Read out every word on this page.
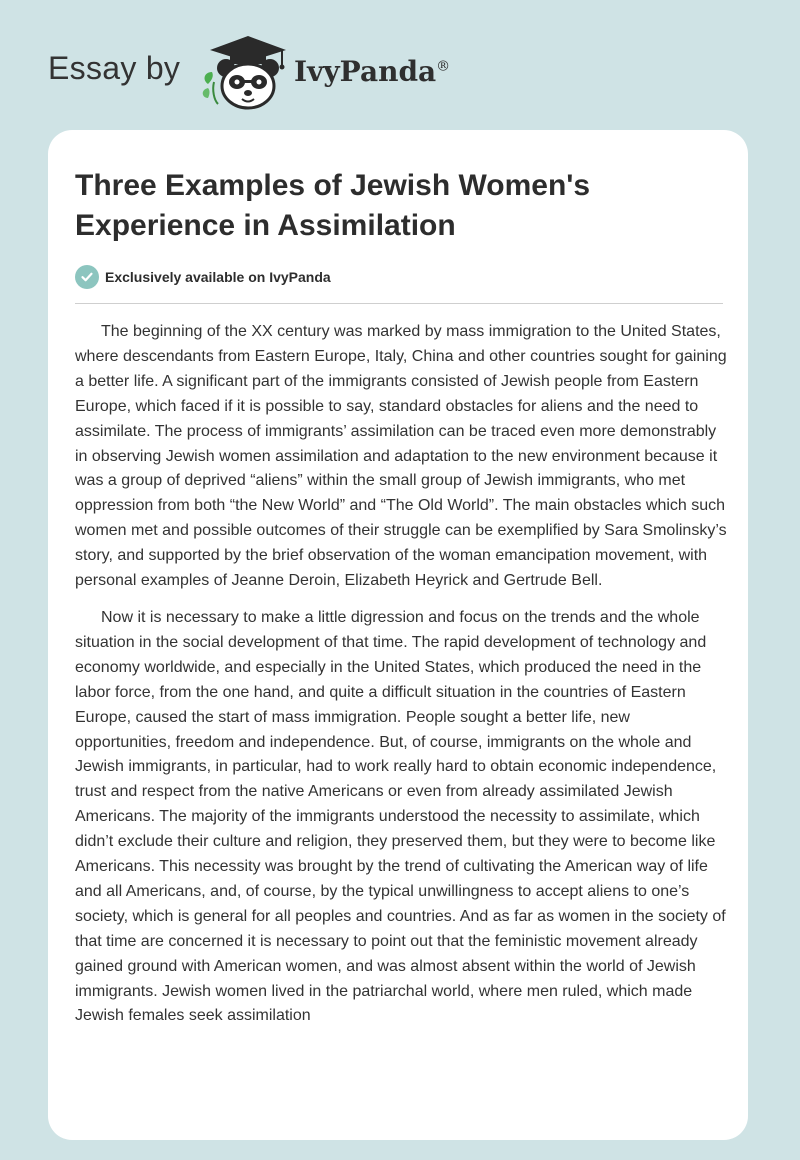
Essay by	IvyPanda®
Three Examples of Jewish Women's Experience in Assimilation
Exclusively available on IvyPanda

The beginning of the XX century was marked by mass immigration to the United States, where descendants from Eastern Europe, Italy, China and other countries sought for gaining a better life. A significant part of the immigrants consisted of Jewish people from Eastern Europe, which faced if it is possible to say, standard obstacles for aliens and the need to assimilate. The process of immigrants’ assimilation can be traced even more demonstrably in observing Jewish women assimilation and adaptation to the new environment because it was a group of deprived “aliens” within the small group of Jewish immigrants, who met oppression from both “the New World” and “The Old World”. The main obstacles which such women met and possible outcomes of their struggle can be exemplified by Sara Smolinsky’s story, and supported by the brief observation of the woman emancipation movement, with personal examples of Jeanne Deroin, Elizabeth Heyrick and Gertrude Bell.

Now it is necessary to make a little digression and focus on the trends and the whole situation in the social development of that time. The rapid development of technology and economy worldwide, and especially in the United States, which produced the need in the labor force, from the one hand, and quite a difficult situation in the countries of Eastern Europe, caused the start of mass immigration. People sought a better life, new opportunities, freedom and independence. But, of course, immigrants on the whole and Jewish immigrants, in particular, had to work really hard to obtain economic independence, trust and respect from the native Americans or even from already assimilated Jewish Americans. The majority of the immigrants understood the necessity to assimilate, which didn’t exclude their culture and religion, they preserved them, but they were to become like Americans. This necessity was brought by the trend of cultivating the American way of life and all Americans, and, of course, by the typical unwillingness to accept aliens to one’s society, which is general for all peoples and countries. And as far as women in the society of that time are concerned it is necessary to point out that the feministic movement already gained ground with American women, and was almost absent within the world of Jewish immigrants. Jewish women lived in the patriarchal world, where men ruled, which made Jewish females seek assimilation
